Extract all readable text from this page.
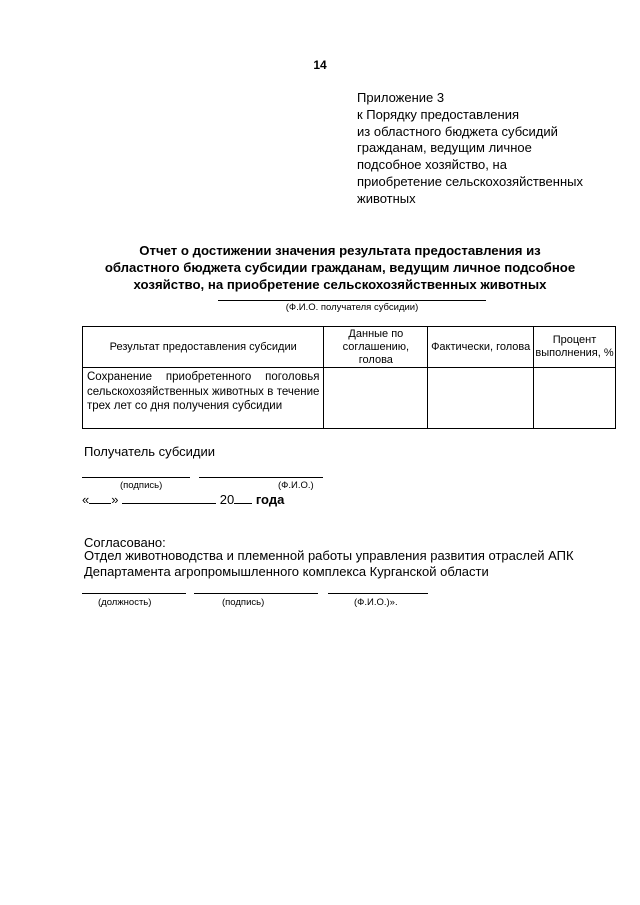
14
Приложение 3
к Порядку предоставления
из областного бюджета субсидий
гражданам, ведущим личное
подсобное хозяйство, на
приобретение сельскохозяйственных
животных
Отчет о достижении значения результата предоставления из
областного бюджета субсидии гражданам, ведущим личное подсобное
хозяйство, на приобретение сельскохозяйственных животных
(Ф.И.О. получателя субсидии)
Результат предоставления субсидии	Данные по соглашению, голова	Фактически, голова	Процент выполнения, %
Сохранение приобретенного поголовья сельскохозяйственных животных в течение трех лет со дня получения субсидии			
Получатель субсидии
(подпись)	(Ф.И.О.)
« »	20 года
Согласовано:
Отдел животноводства и племенной работы управления развития отраслей АПК
Департамента агропромышленного комплекса Курганской области
(должность)	(подпись)	(Ф.И.О.)».
